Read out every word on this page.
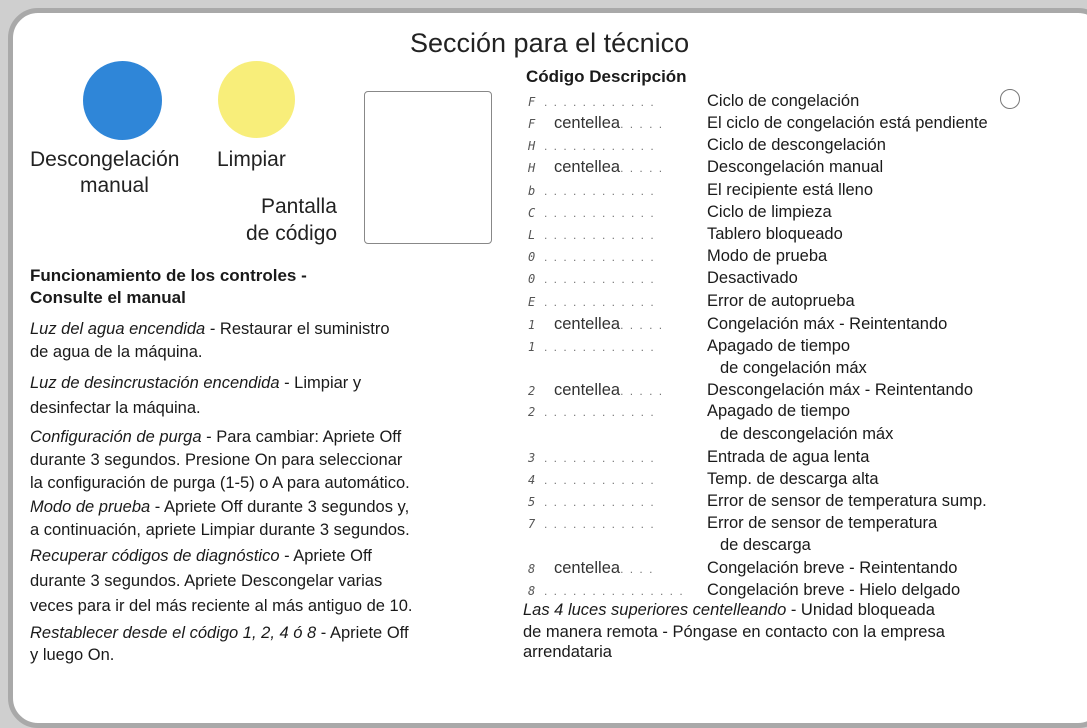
Sección para el técnico
Descongelación
manual
Limpiar
Pantalla
de código
Funcionamiento de los controles -
Consulte el manual
Luz del agua encendida - Restaurar el suministro
de agua de la máquina.
Luz de desincrustación encendida - Limpiar y
desinfectar la máquina.
Configuración de purga - Para cambiar: Apriete Off
durante 3 segundos. Presione On para seleccionar
la configuración de purga (1-5) o A para automático.
Modo de prueba - Apriete Off durante 3 segundos y,
a continuación, apriete Limpiar durante 3 segundos.
Recuperar códigos de diagnóstico - Apriete Off
durante 3 segundos. Apriete Descongelar varias
veces para ir del más reciente al más antiguo de 10.
Restablecer desde el código 1, 2, 4 ó 8 - Apriete Off
y luego On.
Código Descripción
F . . . . . . . . . . . .	Ciclo de congelación
F centellea. . . . .	El ciclo de congelación está pendiente
H . . . . . . . . . . . .	Ciclo de descongelación
H centellea. . . . .	Descongelación manual
b . . . . . . . . . . . .	El recipiente está lleno
C . . . . . . . . . . . .	Ciclo de limpieza
L . . . . . . . . . . . .	Tablero bloqueado
0 . . . . . . . . . . . .	Modo de prueba
0 . . . . . . . . . . . .	Desactivado
E . . . . . . . . . . . .	Error de autoprueba
1 centellea. . . . .	Congelación máx - Reintentando
1 . . . . . . . . . . . .	Apagado de tiempo
de congelación máx
2 centellea. . . . .	Descongelación máx - Reintentando
2 . . . . . . . . . . . .	Apagado de tiempo
de descongelación máx
3 . . . . . . . . . . . .	Entrada de agua lenta
4 . . . . . . . . . . . .	Temp. de descarga alta
5 . . . . . . . . . . . .	Error de sensor de temperatura sump.
7 . . . . . . . . . . . .	Error de sensor de temperatura
de descarga
8 centellea. . . .	Congelación breve - Reintentando
8 . . . . . . . . . . . . . . . Congelación breve - Hielo delgado
Las 4 luces superiores centelleando - Unidad bloqueada
de manera remota - Póngase en contacto con la empresa
arrendataria
